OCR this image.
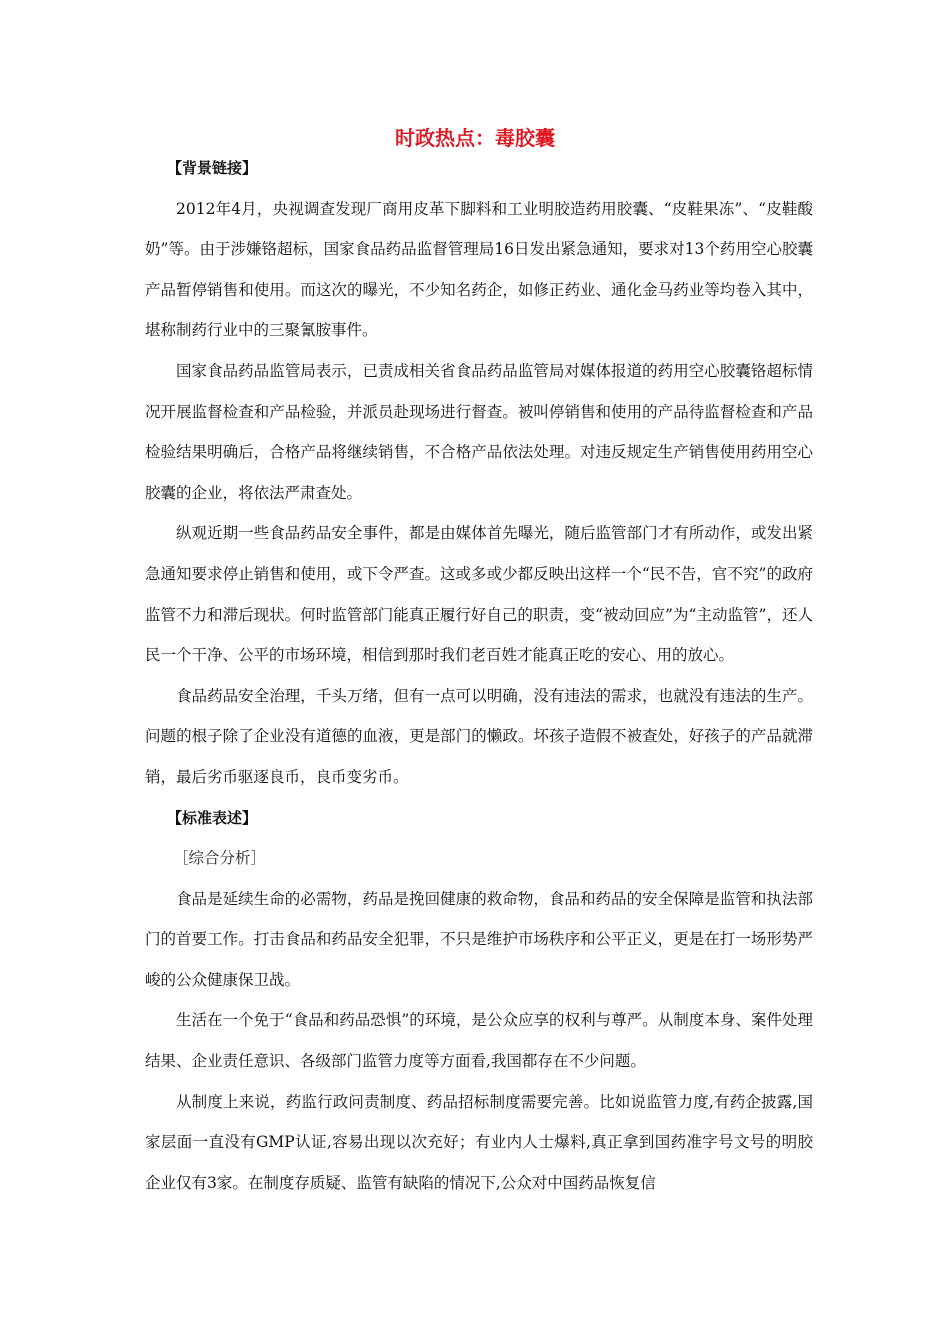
时政热点：毒胶囊
【背景链接】

2012年4月，央视调查发现厂商用皮革下脚料和工业明胶造药用胶囊、“皮鞋果冻”、“皮鞋酸奶”等。由于涉嫌铬超标，国家食品药品监督管理局16日发出紧急通知，要求对13个药用空心胶囊产品暂停销售和使用。而这次的曝光，不少知名药企，如修正药业、通化金马药业等均卷入其中，堪称制药行业中的三聚氰胺事件。

国家食品药品监管局表示，已责成相关省食品药品监管局对媒体报道的药用空心胶囊铬超标情况开展监督检查和产品检验，并派员赴现场进行督查。被叫停销售和使用的产品待监督检查和产品检验结果明确后，合格产品将继续销售，不合格产品依法处理。对违反规定生产销售使用药用空心胶囊的企业，将依法严肃查处。

纵观近期一些食品药品安全事件，都是由媒体首先曝光，随后监管部门才有所动作，或发出紧急通知要求停止销售和使用，或下令严查。这或多或少都反映出这样一个“民不告，官不究”的政府监管不力和滞后现状。何时监管部门能真正履行好自己的职责，变“被动回应”为“主动监管”，还人民一个干净、公平的市场环境，相信到那时我们老百姓才能真正吃的安心、用的放心。

食品药品安全治理，千头万绪，但有一点可以明确，没有违法的需求，也就没有违法的生产。问题的根子除了企业没有道德的血液，更是部门的懒政。坏孩子造假不被查处，好孩子的产品就滞销，最后劣币驱逐良币，良币变劣币。

【标准表述】
［综合分析］

食品是延续生命的必需物，药品是挽回健康的救命物，食品和药品的安全保障是监管和执法部门的首要工作。打击食品和药品安全犯罪，不只是维护市场秩序和公平正义，更是在打一场形势严峻的公众健康保卫战。

生活在一个免于“食品和药品恐惧”的环境，是公众应享的权利与尊严。从制度本身、案件处理结果、企业责任意识、各级部门监管力度等方面看,我国都存在不少问题。

从制度上来说，药监行政问责制度、药品招标制度需要完善。比如说监管力度,有药企披露,国家层面一直没有GMP认证,容易出现以次充好；有业内人士爆料,真正拿到国药准字号文号的明胶企业仅有3家。在制度存质疑、监管有缺陷的情况下,公众对中国药品恢复信
